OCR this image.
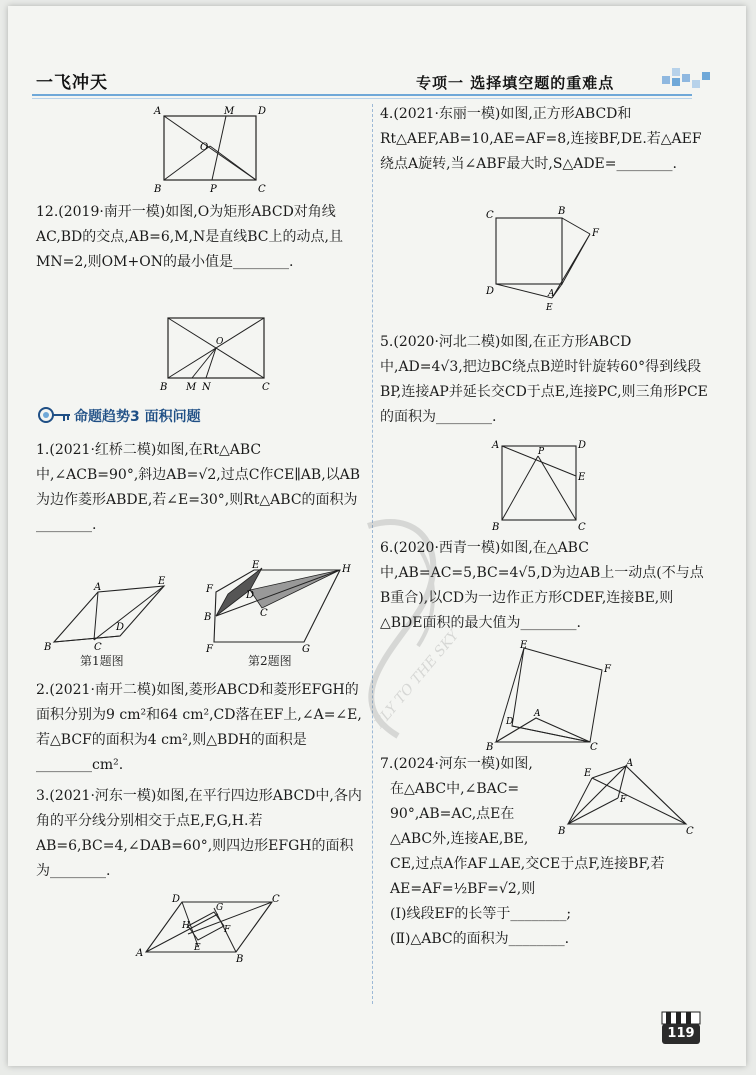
一飞冲天	专项一 选择填空题的重难点
A	M D
O
B	P	C

12.(2019·南开一模)如图,O为矩形ABCD对角线AC,BD的交点,AB=6,M,N是直线BC上的动点,且MN=2,则OM+ON的最小值是________.

O
B M N	C
命题趋势3 面积问题

1.(2021·红桥二模)如图,在Rt△ABC中,∠ACB=90°,斜边AB=√2,过点C作CE∥AB,以AB为边作菱形ABDE,若∠E=30°,则Rt△ABC的面积为________.

A
E
D
B	C
第1题图
F
E
B
D
C
H
F	G
第2题图

2.(2021·南开二模)如图,菱形ABCD和菱形EFGH的面积分别为9 cm²和64 cm²,CD落在EF上,∠A=∠E,若△BCF的面积为4 cm²,则△BDH的面积是________cm².

3.(2021·河东一模)如图,在平行四边形ABCD中,各内角的平分线分别相交于点E,F,G,H.若AB=6,BC=4,∠DAB=60°,则四边形EFGH的面积为________.

D	C
H
G
F
E
A
B

4.(2021·东丽一模)如图,正方形ABCD和Rt△AEF,AB=10,AE=AF=8,连接BF,DE.若△AEF绕点A旋转,当∠ABF最大时,S△ADE=________.

C	B
F
D	A
E

5.(2020·河北二模)如图,在正方形ABCD中,AD=4√3,把边BC绕点B逆时针旋转60°得到线段BP,连接AP并延长交CD于点E,连接PC,则三角形PCE的面积为________.

A	D
P
E
B	C

6.(2020·西青一模)如图,在△ABC中,AB=AC=5,BC=4√5,D为边AB上一动点(不与点B重合),以CD为一边作正方形CDEF,连接BE,则△BDE面积的最大值为________.

E
F
A
D
B	C

7.(2024·河东一模)如图,

在△ABC中,∠BAC=

90°,AB=AC,点E在

△ABC外,连接AE,BE,

CE,过点A作AF⊥AE,交CE于点F,连接BF,若AE=AF=½BF=√2,则

(Ⅰ)线段EF的长等于________;

(Ⅱ)△ABC的面积为________.

E
A
F
B	C
FLY TO THE SKY
119
